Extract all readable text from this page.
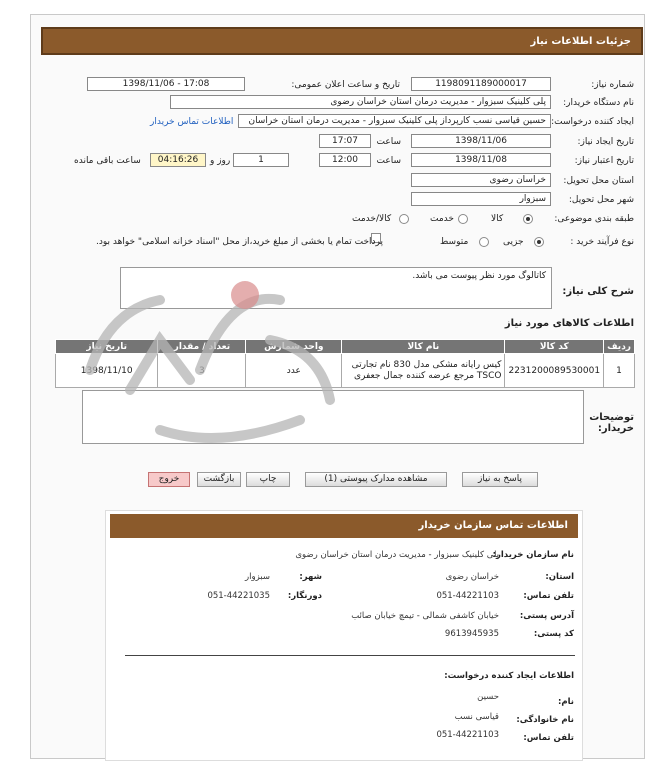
جزئیات اطلاعات نیاز
شماره نیاز:
1198091189000017
تاریخ و ساعت اعلان عمومی:
1398/11/06 - 17:08
نام دستگاه خریدار:
پلی کلینیک سبزوار - مدیریت درمان استان خراسان رضوی
ایجاد کننده درخواست:
حسین قیاسی نسب کارپرداز پلی کلینیک سبزوار - مدیریت درمان استان خراسان
اطلاعات تماس خریدار
تاریخ ایجاد نیاز:
1398/11/06
ساعت
17:07
تاریخ اعتبار نیاز:
1398/11/08
ساعت
12:00
1
روز و
04:16:26
ساعت باقی مانده
استان محل تحویل:
خراسان رضوی
شهر محل تحویل:
سبزوار
طبقه بندی موضوعی:
کالا
خدمت
کالا/خدمت
نوع فرآیند خرید :
جزیی
متوسط
پرداخت تمام یا بخشی از مبلغ خرید،از محل "اسناد خزانه اسلامی" خواهد بود.
شرح کلی نیاز:
کاتالوگ مورد نظر پیوست می باشد.
اطلاعات کالاهای مورد نیاز
ردیف	کد کالا	نام کالا	واحد شمارش	تعداد / مقدار	تاریخ نیاز
1	2231200089530001	کیس رایانه مشکی مدل 830 نام تجارتی TSCO مرجع عرضه کننده جمال جعفری	عدد	3	1398/11/10
توضیحات خریدار:
پاسخ به نیاز
مشاهده مدارک پیوستی (1)
چاپ
بازگشت
خروج
اطلاعات تماس سازمان خریدار
نام سازمان خریدار:
پلی کلینیک سبزوار - مدیریت درمان استان خراسان رضوی
استان:
خراسان رضوی
شهر:
سبزوار
تلفن تماس:
051-44221103
دورنگار:
051-44221035
آدرس پستی:
خیابان کاشفی شمالی - تیمچ خیابان صائب
کد پستی:
9613945935
اطلاعات ایجاد کننده درخواست:
نام:
حسین
نام خانوادگی:
قیاسی نسب
تلفن تماس:
051-44221103
